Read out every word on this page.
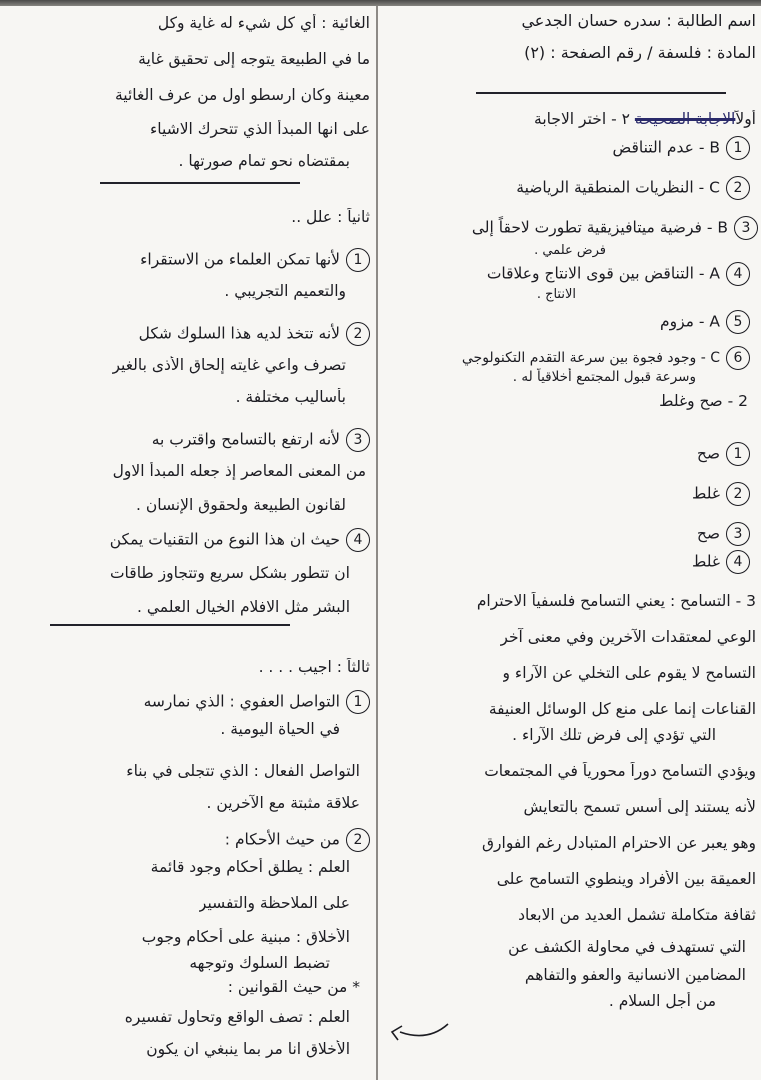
اسم الطالبة : سدره حسان الجدعي
المادة : فلسفة / رقم الصفحة : (٢)
أولاًالاجابة الصحيحة ٢ - اختر الاجابة
1B - عدم التناقض
2C - النظريات المنطقية الرياضية
3B - فرضية ميتافيزيقية تطورت لاحقاً إلى
فرض علمي .
4A - التناقض بين قوى الانتاج وعلاقات
الانتاج .
5A - مزوم
6C - وجود فجوة بين سرعة التقدم التكنولوجي
وسرعة قبول المجتمع أخلاقياً له .
2 - صح وغلط
1صح
2غلط
3صح
4غلط
3 - التسامح : يعني التسامح فلسفياً الاحترام
الوعي لمعتقدات الآخرين وفي معنى آخر
التسامح لا يقوم على التخلي عن الآراء و
القناعات إنما على منع كل الوسائل العنيفة
التي تؤدي إلى فرض تلك الآراء .
ويؤدي التسامح دوراً محورياً في المجتمعات
لأنه يستند إلى أسس تسمح بالتعايش
وهو يعبر عن الاحترام المتبادل رغم الفوارق
العميقة بين الأفراد وينطوي التسامح على
ثقافة متكاملة تشمل العديد من الابعاد
التي تستهدف في محاولة الكشف عن
المضامين الانسانية والعفو والتفاهم
من أجل السلام .
الغائية : أي كل شيء له غاية وكل
ما في الطبيعة يتوجه إلى تحقيق غاية
معينة وكان ارسطو اول من عرف الغائية
على انها المبدأ الذي تتحرك الاشياء
بمقتضاه نحو تمام صورتها .
ثانياً : علل ..
1لأنها تمكن العلماء من الاستقراء
والتعميم التجريبي .
2لأنه تتخذ لديه هذا السلوك شكل
تصرف واعي غايته إلحاق الأذى بالغير
بأساليب مختلفة .
3لأنه ارتفع بالتسامح واقترب به
من المعنى المعاصر إذ جعله المبدأ الاول
لقانون الطبيعة ولحقوق الإنسان .
4حيث ان هذا النوع من التقنيات يمكن
ان تتطور بشكل سريع وتتجاوز طاقات
البشر مثل الافلام الخيال العلمي .
ثالثاً : اجيب . . . .
1التواصل العفوي : الذي نمارسه
في الحياة اليومية .
التواصل الفعال : الذي تتجلى في بناء
علاقة مثبتة مع الآخرين .
2من حيث الأحكام :
العلم : يطلق أحكام وجود قائمة
على الملاحظة والتفسير
الأخلاق : مبنية على أحكام وجوب
تضبط السلوك وتوجهه
* من حيث القوانين :
العلم : تصف الواقع وتحاول تفسيره
الأخلاق انا مر بما ينبغي ان يكون
